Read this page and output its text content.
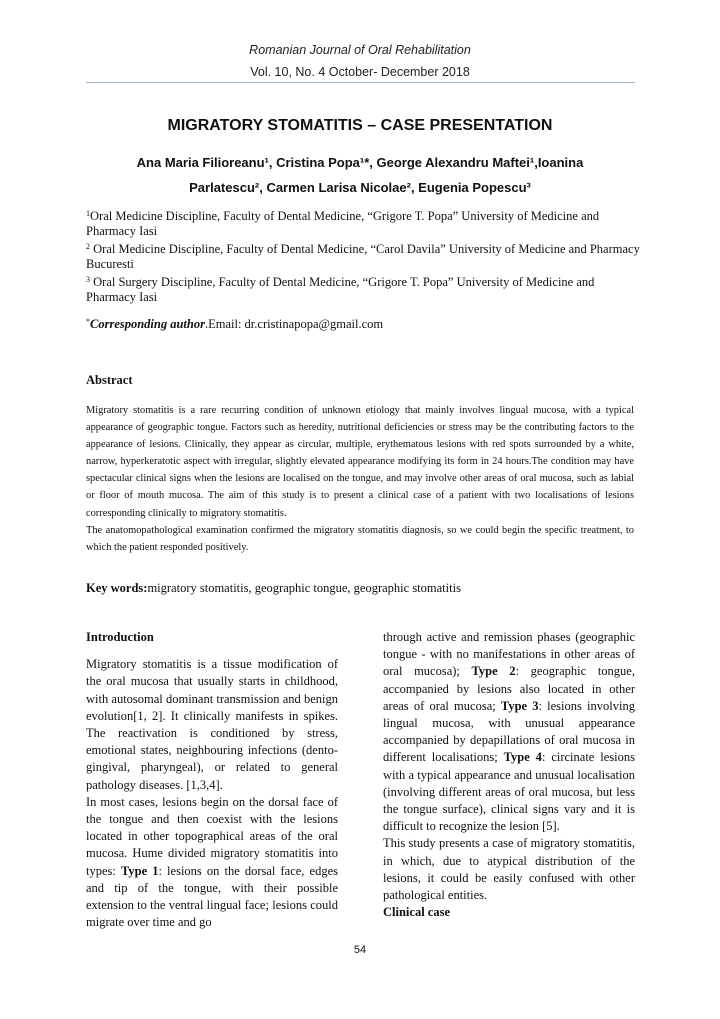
Romanian Journal of Oral Rehabilitation
Vol. 10, No. 4 October- December 2018
MIGRATORY STOMATITIS – CASE PRESENTATION
Ana Maria Filioreanu¹, Cristina Popa¹*, George Alexandru Maftei¹,Ioanina
Parlatescu², Carmen Larisa Nicolae², Eugenia Popescu³
$^1$Oral Medicine Discipline, Faculty of Dental Medicine, “Grigore T. Popa” University of Medicine and Pharmacy Iasi
$^2$ Oral Medicine Discipline, Faculty of Dental Medicine, “Carol Davila” University of Medicine and Pharmacy Bucuresti
$^3$ Oral Surgery Discipline, Faculty of Dental Medicine, “Grigore T. Popa” University of Medicine and Pharmacy Iasi
*Corresponding author.Email: dr.cristinapopa@gmail.com
Abstract

Migratory stomatitis is a rare recurring condition of unknown etiology that mainly involves lingual mucosa, with a typical appearance of geographic tongue. Factors such as heredity, nutritional deficiencies or stress may be the contributing factors to the appearance of lesions. Clinically, they appear as circular, multiple, erythematous lesions with red spots surrounded by a white, narrow, hyperkeratotic aspect with irregular, slightly elevated appearance modifying its form in 24 hours.The condition may have spectacular clinical signs when the lesions are localised on the tongue, and may involve other areas of oral mucosa, such as labial or floor of mouth mucosa. The aim of this study is to present a clinical case of a patient with two localisations of lesions corresponding clinically to migratory stomatitis.

The anatomopathological examination confirmed the migratory stomatitis diagnosis, so we could begin the specific treatment, to which the patient responded positively.

Key words:migratory stomatitis, geographic tongue, geographic stomatitis

Introduction

Migratory stomatitis is a tissue modification of the oral mucosa that usually starts in childhood, with autosomal dominant transmission and benign evolution[1, 2]. It clinically manifests in spikes. The reactivation is conditioned by stress, emotional states, neighbouring infections (dento-gingival, pharyngeal), or related to general pathology diseases. [1,3,4].

In most cases, lesions begin on the dorsal face of the tongue and then coexist with the lesions located in other topographical areas of the oral mucosa. Hume divided migratory stomatitis into types: Type 1: lesions on the dorsal face, edges and tip of the tongue, with their possible extension to the ventral lingual face; lesions could migrate over time and go

through active and remission phases (geographic tongue - with no manifestations in other areas of oral mucosa); Type 2: geographic tongue, accompanied by lesions also located in other areas of oral mucosa; Type 3: lesions involving lingual mucosa, with unusual appearance accompanied by depapillations of oral mucosa in different localisations; Type 4: circinate lesions with a typical appearance and unusual localisation (involving different areas of oral mucosa, but less the tongue surface), clinical signs vary and it is difficult to recognize the lesion [5].

This study presents a case of migratory stomatitis, in which, due to atypical distribution of the lesions, it could be easily confused with other pathological entities.

Clinical case

54
